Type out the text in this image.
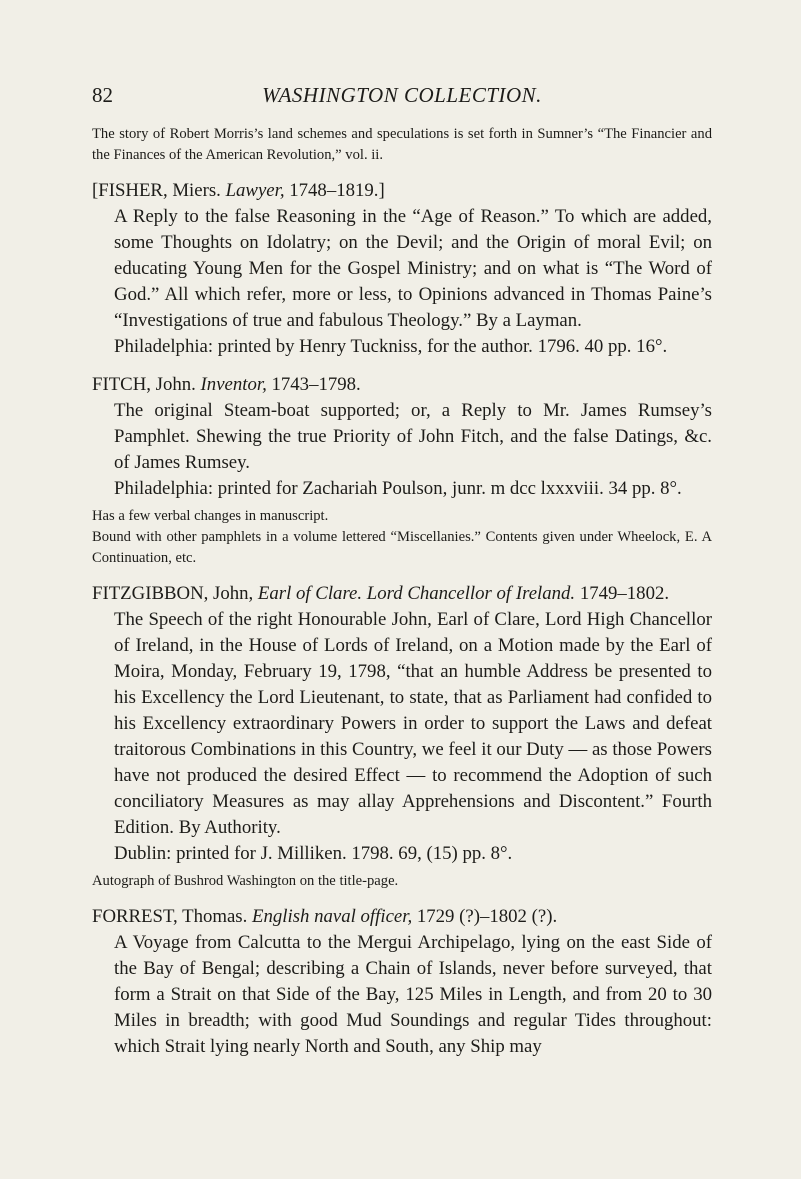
82	WASHINGTON COLLECTION.

The story of Robert Morris’s land schemes and speculations is set forth in Sumner’s “The Financier and the Finances of the American Revolution,” vol. ii.

[FISHER, Miers. Lawyer, 1748–1819.]

A Reply to the false Reasoning in the “Age of Reason.” To which are added, some Thoughts on Idolatry; on the Devil; and the Origin of moral Evil; on educating Young Men for the Gospel Ministry; and on what is “The Word of God.” All which refer, more or less, to Opinions advanced in Thomas Paine’s “Investigations of true and fabulous Theology.” By a Layman.

Philadelphia: printed by Henry Tuckniss, for the author. 1796. 40 pp. 16°.

FITCH, John. Inventor, 1743–1798.

The original Steam-boat supported; or, a Reply to Mr. James Rumsey’s Pamphlet. Shewing the true Priority of John Fitch, and the false Datings, &c. of James Rumsey.

Philadelphia: printed for Zachariah Poulson, junr. m dcc lxxxviii. 34 pp. 8°.

Has a few verbal changes in manuscript.

Bound with other pamphlets in a volume lettered “Miscellanies.” Contents given under Wheelock, E. A Continuation, etc.

FITZGIBBON, John, Earl of Clare. Lord Chancellor of Ireland. 1749–1802.

The Speech of the right Honourable John, Earl of Clare, Lord High Chancellor of Ireland, in the House of Lords of Ireland, on a Motion made by the Earl of Moira, Monday, February 19, 1798, “that an humble Address be presented to his Excellency the Lord Lieutenant, to state, that as Parliament had confided to his Excellency extraordinary Powers in order to support the Laws and defeat traitorous Combinations in this Country, we feel it our Duty — as those Powers have not produced the desired Effect — to recommend the Adoption of such conciliatory Measures as may allay Apprehensions and Discontent.” Fourth Edition. By Authority.

Dublin: printed for J. Milliken. 1798. 69, (15) pp. 8°.

Autograph of Bushrod Washington on the title-page.

FORREST, Thomas. English naval officer, 1729 (?)–1802 (?).

A Voyage from Calcutta to the Mergui Archipelago, lying on the east Side of the Bay of Bengal; describing a Chain of Islands, never before surveyed, that form a Strait on that Side of the Bay, 125 Miles in Length, and from 20 to 30 Miles in breadth; with good Mud Soundings and regular Tides throughout: which Strait lying nearly North and South, any Ship may
